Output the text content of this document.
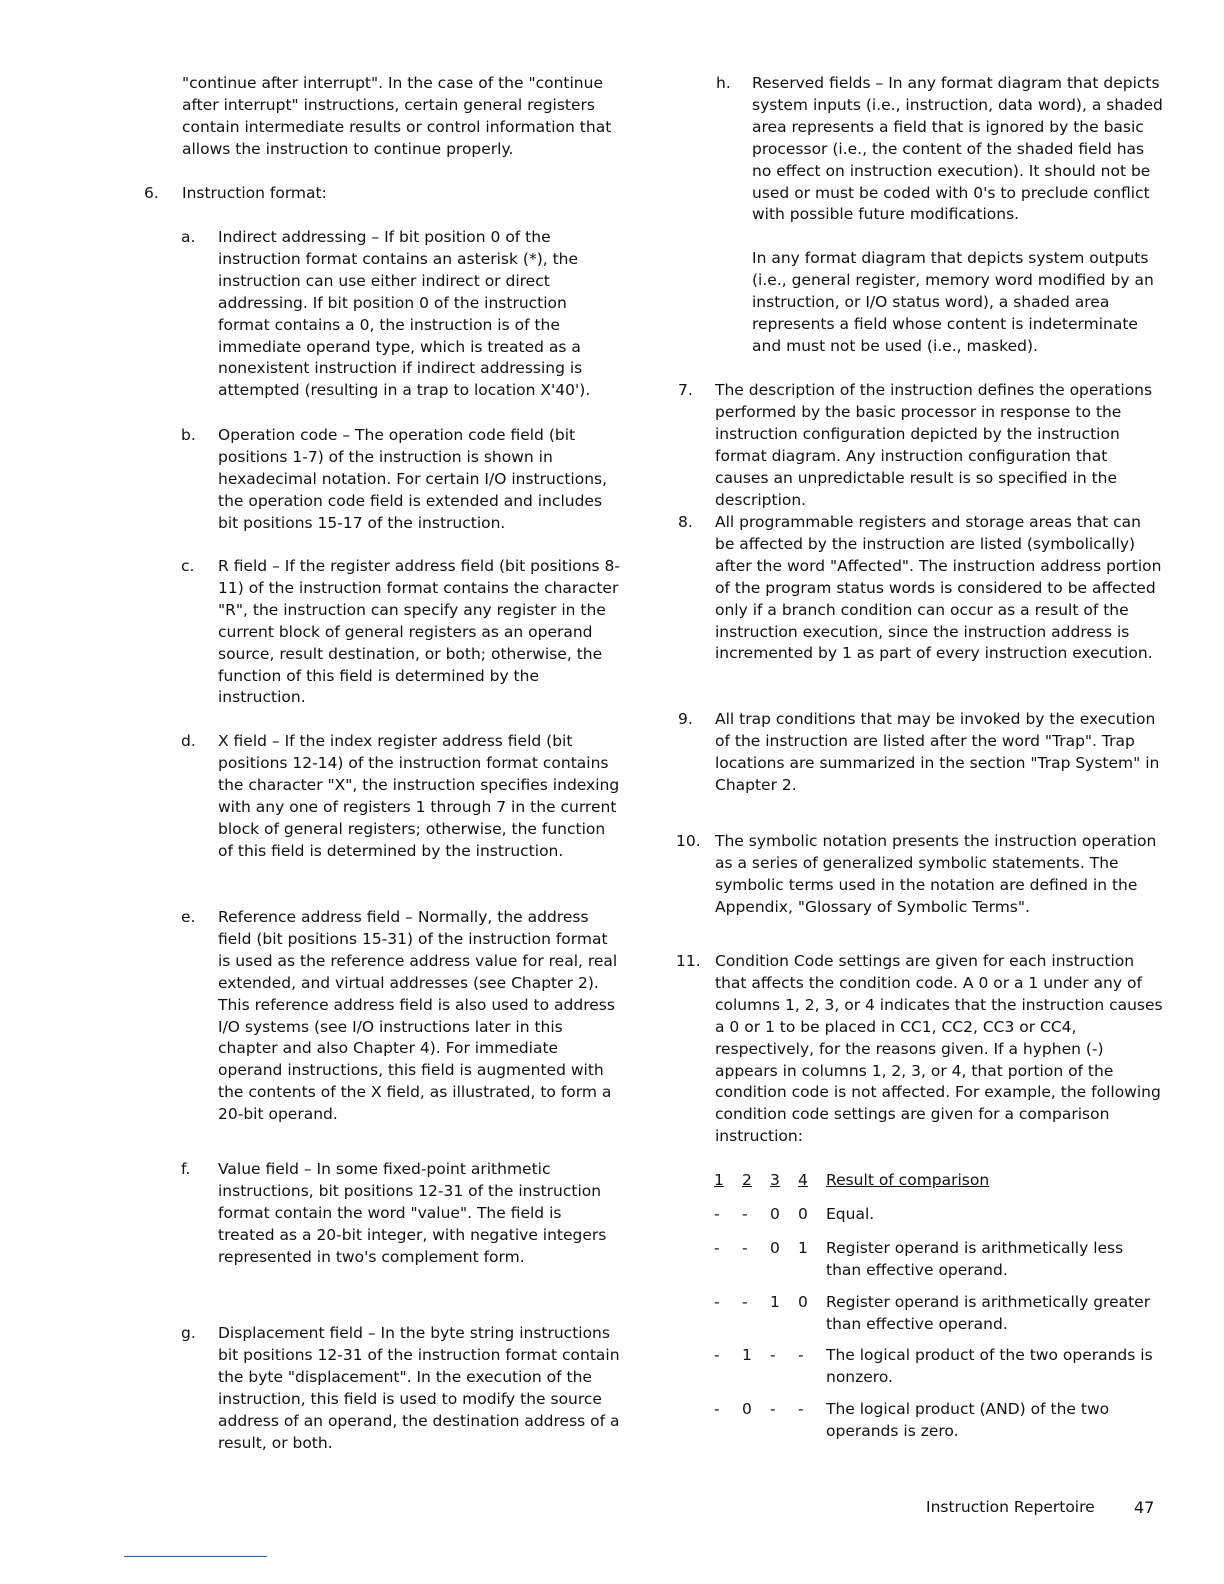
"continue after interrupt". In the case of the "continue after interrupt" instructions, certain general registers contain intermediate results or control information that allows the instruction to continue properly.

6. Instruction format:

a. Indirect addressing – If bit position 0 of the instruction format contains an asterisk (*), the instruction can use either indirect or direct addressing. If bit position 0 of the instruction format contains a 0, the instruction is of the immediate operand type, which is treated as a nonexistent instruction if indirect addressing is attempted (resulting in a trap to location X'40').

b. Operation code – The operation code field (bit positions 1-7) of the instruction is shown in hexadecimal notation. For certain I/O instructions, the operation code field is extended and includes bit positions 15-17 of the instruction.

c. R field – If the register address field (bit positions 8-11) of the instruction format contains the character "R", the instruction can specify any register in the current block of general registers as an operand source, result destination, or both; otherwise, the function of this field is determined by the instruction.

d. X field – If the index register address field (bit positions 12-14) of the instruction format contains the character "X", the instruction specifies indexing with any one of registers 1 through 7 in the current block of general registers; otherwise, the function of this field is determined by the instruction.

e. Reference address field – Normally, the address field (bit positions 15-31) of the instruction format is used as the reference address value for real, real extended, and virtual addresses (see Chapter 2). This reference address field is also used to address I/O systems (see I/O instructions later in this chapter and also Chapter 4). For immediate operand instructions, this field is augmented with the contents of the X field, as illustrated, to form a 20-bit operand.

f. Value field – In some fixed-point arithmetic instructions, bit positions 12-31 of the instruction format contain the word "value". The field is treated as a 20-bit integer, with negative integers represented in two's complement form.

g. Displacement field – In the byte string instructions bit positions 12-31 of the instruction format contain the byte "displacement". In the execution of the instruction, this field is used to modify the source address of an operand, the destination address of a result, or both.

h. Reserved fields – In any format diagram that depicts system inputs (i.e., instruction, data word), a shaded area represents a field that is ignored by the basic processor (i.e., the content of the shaded field has no effect on instruction execution). It should not be used or must be coded with 0's to preclude conflict with possible future modifications.

In any format diagram that depicts system outputs (i.e., general register, memory word modified by an instruction, or I/O status word), a shaded area represents a field whose content is indeterminate and must not be used (i.e., masked).

7. The description of the instruction defines the operations performed by the basic processor in response to the instruction configuration depicted by the instruction format diagram. Any instruction configuration that causes an unpredictable result is so specified in the description.

8. All programmable registers and storage areas that can be affected by the instruction are listed (symbolically) after the word "Affected". The instruction address portion of the program status words is considered to be affected only if a branch condition can occur as a result of the instruction execution, since the instruction address is incremented by 1 as part of every instruction execution.

9. All trap conditions that may be invoked by the execution of the instruction are listed after the word "Trap". Trap locations are summarized in the section "Trap System" in Chapter 2.

10. The symbolic notation presents the instruction operation as a series of generalized symbolic statements. The symbolic terms used in the notation are defined in the Appendix, "Glossary of Symbolic Terms".

11. Condition Code settings are given for each instruction that affects the condition code. A 0 or a 1 under any of columns 1, 2, 3, or 4 indicates that the instruction causes a 0 or 1 to be placed in CC1, CC2, CC3 or CC4, respectively, for the reasons given. If a hyphen (-) appears in columns 1, 2, 3, or 4, that portion of the condition code is not affected. For example, the following condition code settings are given for a comparison instruction:

1	2	3	4	Result of comparison

-	-	0	0	Equal.

-	-	0	1	Register operand is arithmetically less than effective operand.

-	-	1	0	Register operand is arithmetically greater than effective operand.

-	1	-	-	The logical product of the two operands is nonzero.

-	0	-	-	The logical product (AND) of the two operands is zero.
Instruction Repertoire 47
